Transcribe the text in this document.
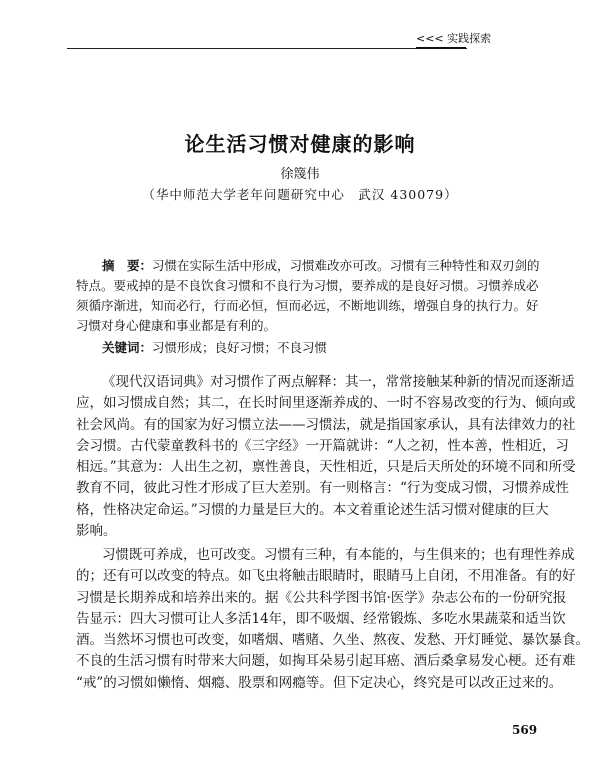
<<< 实践探索
论生活习惯对健康的影响
徐篾伟
（华中师范大学老年问题研究中心　武汉 430079）
摘　要：习惯在实际生活中形成，习惯难改亦可改。习惯有三种特性和双刃剑的
特点。要戒掉的是不良饮食习惯和不良行为习惯，要养成的是良好习惯。习惯养成必
须循序渐进，知而必行，行而必恒，恒而必远，不断地训练，增强自身的执行力。好
习惯对身心健康和事业都是有利的。
关键词：习惯形成；良好习惯；不良习惯
《现代汉语词典》对习惯作了两点解释：其一，常常接触某种新的情况而逐渐适
应，如习惯成自然；其二，在长时间里逐渐养成的、一时不容易改变的行为、倾向或
社会风尚。有的国家为好习惯立法——习惯法，就是指国家承认，具有法律效力的社
会习惯。古代蒙童教科书的《三字经》一开篇就讲：“人之初，性本善，性相近，习
相远。”其意为：人出生之初，禀性善良，天性相近，只是后天所处的环境不同和所受
教育不同，彼此习性才形成了巨大差别。有一则格言：“行为变成习惯，习惯养成性
格，性格决定命运。”习惯的力量是巨大的。本文着重论述生活习惯对健康的巨大
影响。
习惯既可养成，也可改变。习惯有三种，有本能的，与生俱来的；也有理性养成
的；还有可以改变的特点。如飞虫将触击眼睛时，眼睛马上自闭，不用准备。有的好
习惯是长期养成和培养出来的。据《公共科学图书馆·医学》杂志公布的一份研究报
告显示：四大习惯可让人多活14年，即不吸烟、经常锻炼、多吃水果蔬菜和适当饮
酒。当然坏习惯也可改变，如嗜烟、嗜赌、久坐、熬夜、发愁、开灯睡觉、暴饮暴食。
不良的生活习惯有时带来大问题，如掏耳朵易引起耳癌、酒后桑拿易发心梗。还有难
“戒”的习惯如懒惰、烟瘾、股票和网瘾等。但下定决心，终究是可以改正过来的。
569
